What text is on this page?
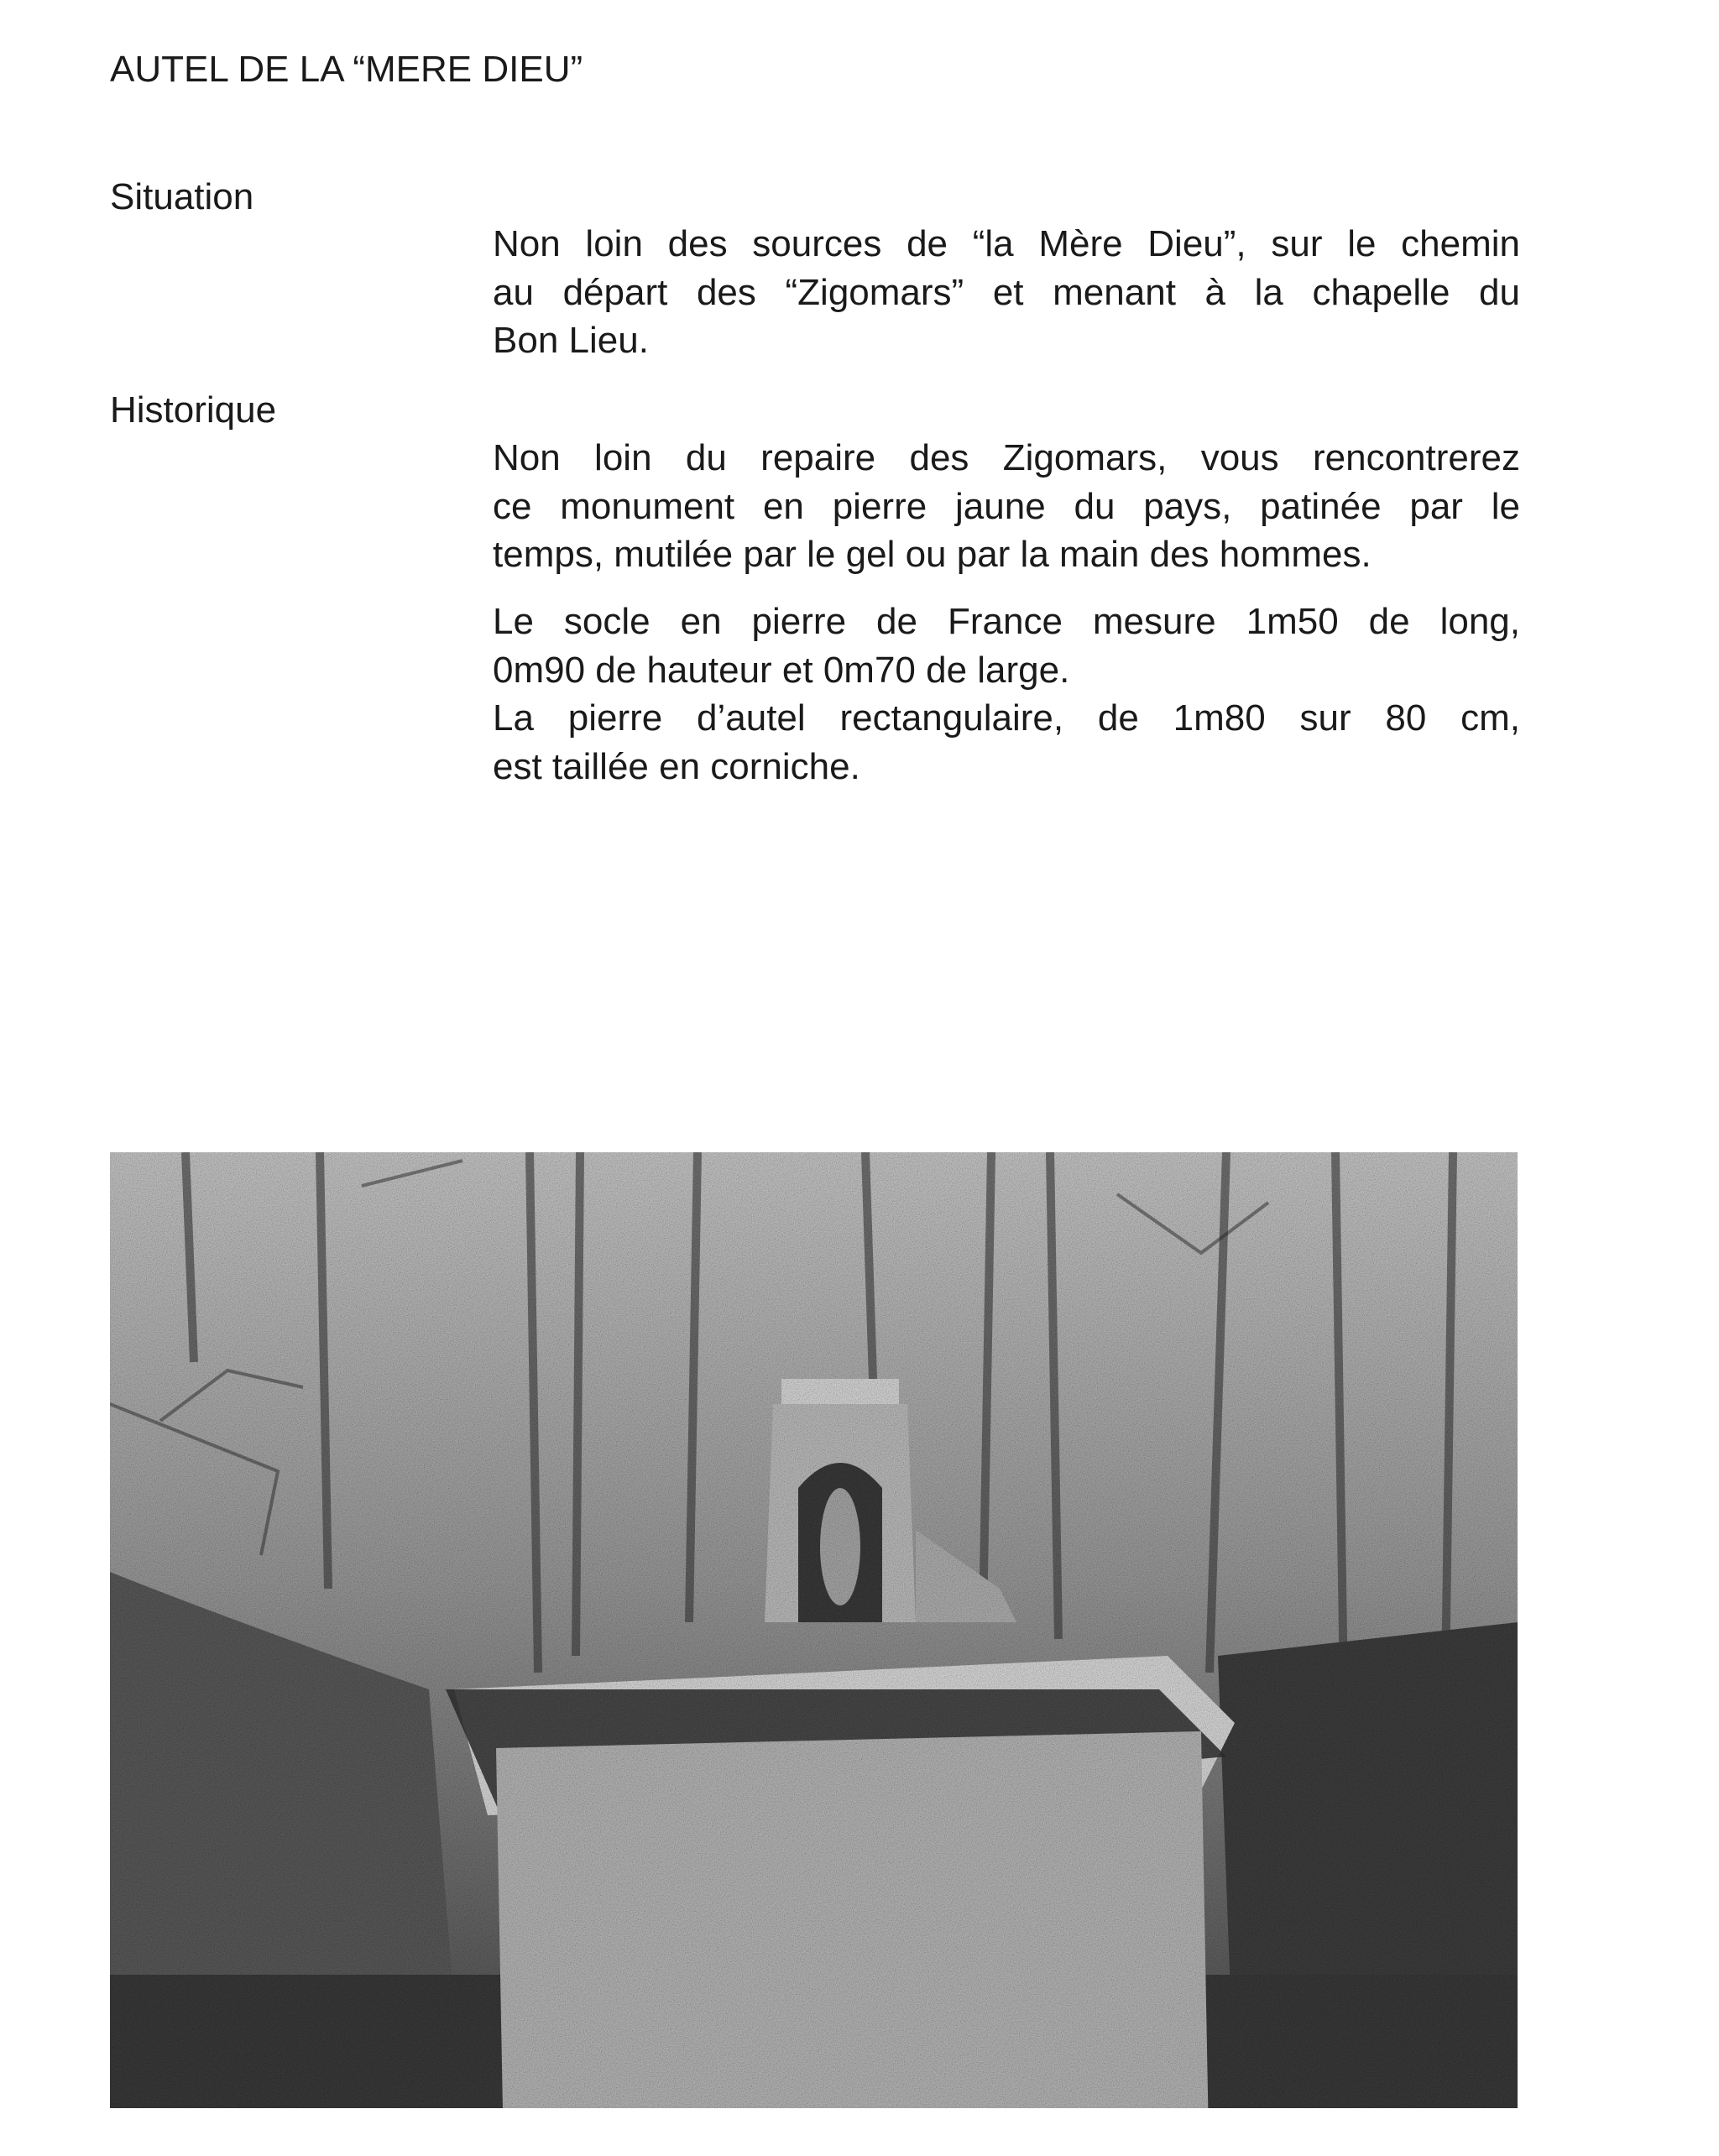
AUTEL DE LA “MERE DIEU”
Situation
Non loin des sources de “la Mère Dieu”, sur le chemin
au départ des “Zigomars” et menant à la chapelle du
Bon Lieu.
Historique
Non loin du repaire des Zigomars, vous rencontrerez
ce monument en pierre jaune du pays, patinée par le
temps, mutilée par le gel ou par la main des hommes.
Le socle en pierre de France mesure 1m50 de long,
0m90 de hauteur et 0m70 de large.
La pierre d’autel rectangulaire, de 1m80 sur 80 cm,
est taillée en corniche.
